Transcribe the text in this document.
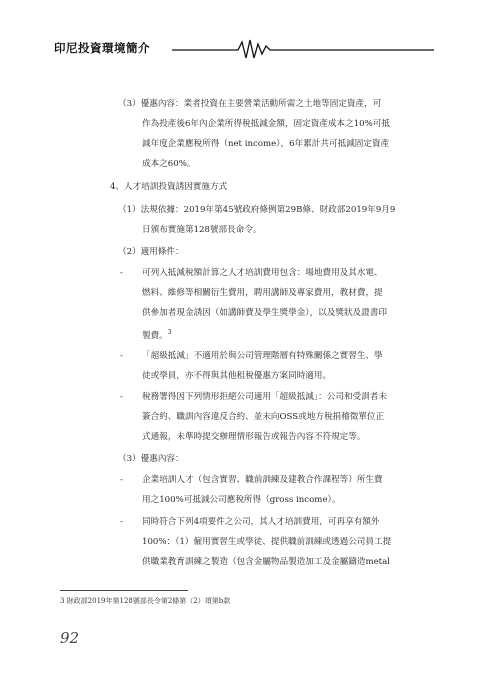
印尼投資環境簡介
（3）優惠內容：業者投資在主要營業活動所需之土地等固定資產，可
作為投產後6年內企業所得稅抵減金額，固定資產成本之10%可抵
減年度企業應稅所得（net income），6年累計共可抵減固定資產
成本之60%。
4、人才培訓投資誘因實施方式
（1）法規依據：2019年第45號政府條例第29B條、財政部2019年9月9
日頒布實施第128號部長命令。
（2）適用條件：
- 可列入抵減稅額計算之人才培訓費用包含：場地費用及其水電、
燃料、維修等相關衍生費用，聘用講師及專家費用，教材費，提
供參加者現金誘因（如講師費及學生獎學金），以及獎狀及證書印
製費。$^3$
- 「超級抵減」不適用於與公司管理階層有特殊關係之實習生、學
徒或學員，亦不得與其他租稅優惠方案同時適用。
- 稅務署得因下列情形拒絕公司適用「超級抵減」：公司和受訓者未
簽合約、職訓內容違反合約、並未向OSS或地方稅捐稽徵單位正
式通報，未準時提交辦理情形報告或報告內容不符規定等。
（3）優惠內容：
- 企業培訓人才（包含實習、職前訓練及建教合作課程等）所生費
用之100%可抵減公司應稅所得（gross income）。
- 同時符合下列4項要件之公司，其人才培訓費用，可再享有額外
100%：（1）僱用實習生或學徒、提供職前訓練或透過公司員工提
供職業教育訓練之製造（包含金屬物品製造加工及金屬鑄造metal
3 財政部2019年第128號部長令第2條第（2）項第b款
92
